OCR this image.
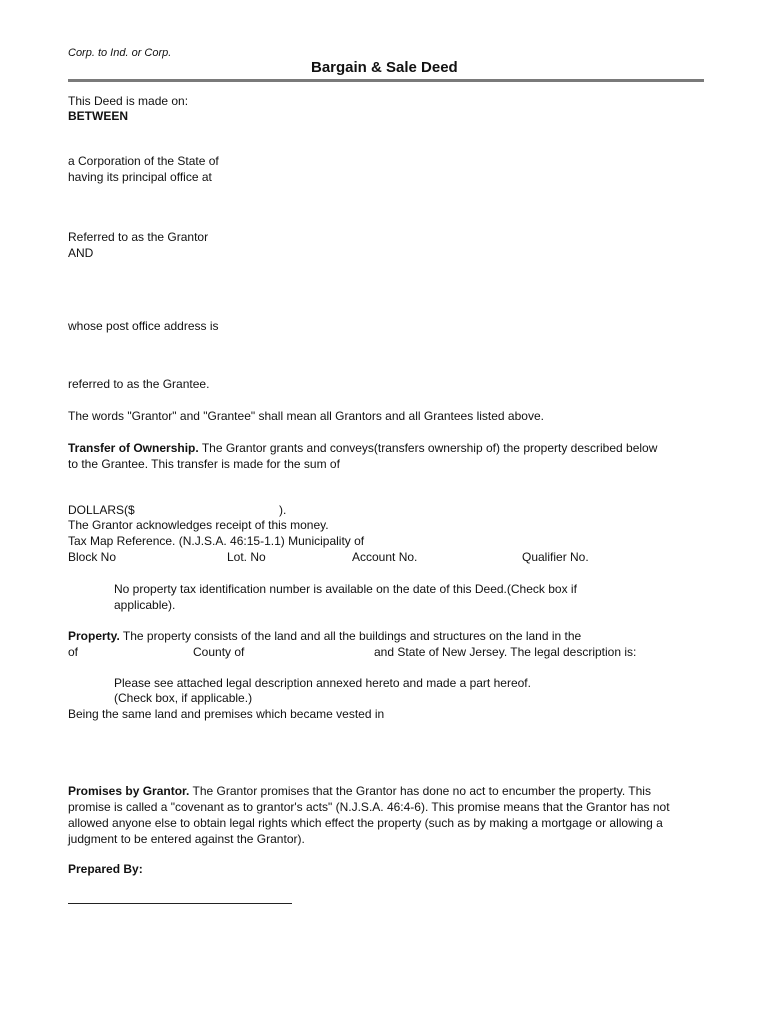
Corp. to Ind. or Corp.
Bargain & Sale Deed
This Deed is made on:
BETWEEN
a Corporation of the State of
having its principal office at
Referred to as the Grantor
AND
whose post office address is
referred to as the Grantee.
The words "Grantor" and "Grantee" shall mean all Grantors and all Grantees listed above.
Transfer of Ownership. The Grantor grants and conveys(transfers ownership of) the property described below
to the Grantee. This transfer is made for the sum of
DOLLARS($	).
The Grantor acknowledges receipt of this money.
Tax Map Reference. (N.J.S.A. 46:15-1.1) Municipality of
Block No	Lot. No	Account No.	Qualifier No.
No property tax identification number is available on the date of this Deed.(Check box if
applicable).
Property. The property consists of the land and all the buildings and structures on the land in the
of	County of	and State of New Jersey. The legal description is:
Please see attached legal description annexed hereto and made a part hereof.
(Check box, if applicable.)
Being the same land and premises which became vested in
Promises by Grantor. The Grantor promises that the Grantor has done no act to encumber the property. This
promise is called a "covenant as to grantor's acts" (N.J.S.A. 46:4-6). This promise means that the Grantor has not
allowed anyone else to obtain legal rights which effect the property (such as by making a mortgage or allowing a
judgment to be entered against the Grantor).
Prepared By:
